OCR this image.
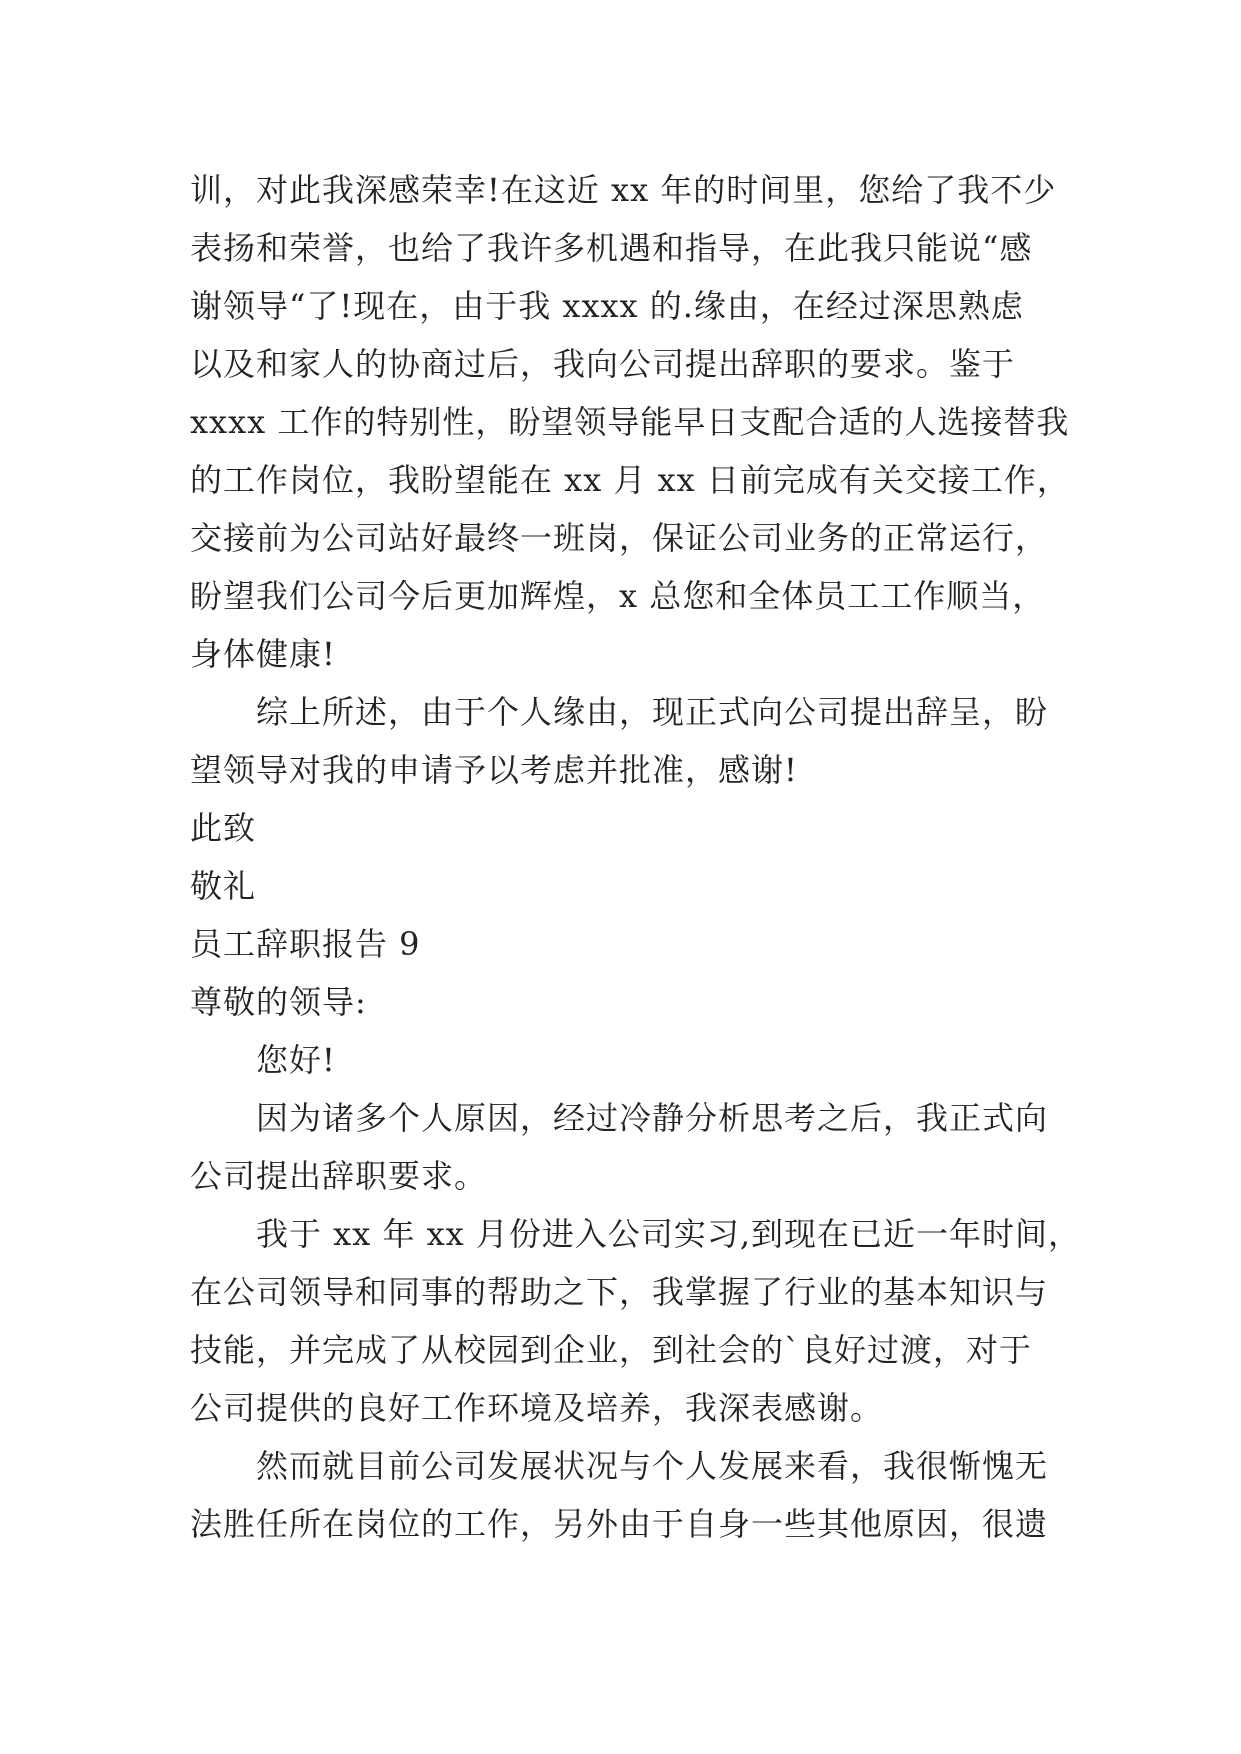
训，对此我深感荣幸!在这近 xx 年的时间里，您给了我不少
表扬和荣誉，也给了我许多机遇和指导，在此我只能说“感
谢领导“了!现在，由于我 xxxx 的.缘由，在经过深思熟虑
以及和家人的协商过后，我向公司提出辞职的要求。鉴于
xxxx 工作的特别性，盼望领导能早日支配合适的人选接替我
的工作岗位，我盼望能在 xx 月 xx 日前完成有关交接工作，
交接前为公司站好最终一班岗，保证公司业务的正常运行，
盼望我们公司今后更加辉煌，x 总您和全体员工工作顺当，
身体健康!
综上所述，由于个人缘由，现正式向公司提出辞呈，盼
望领导对我的申请予以考虑并批准，感谢!
此致
敬礼
员工辞职报告 9
尊敬的领导:
您好!
因为诸多个人原因，经过冷静分析思考之后，我正式向
公司提出辞职要求。
我于 xx 年 xx 月份进入公司实习,到现在已近一年时间，
在公司领导和同事的帮助之下，我掌握了行业的基本知识与
技能，并完成了从校园到企业，到社会的`良好过渡，对于
公司提供的良好工作环境及培养，我深表感谢。
然而就目前公司发展状况与个人发展来看，我很惭愧无
法胜任所在岗位的工作，另外由于自身一些其他原因，很遗
